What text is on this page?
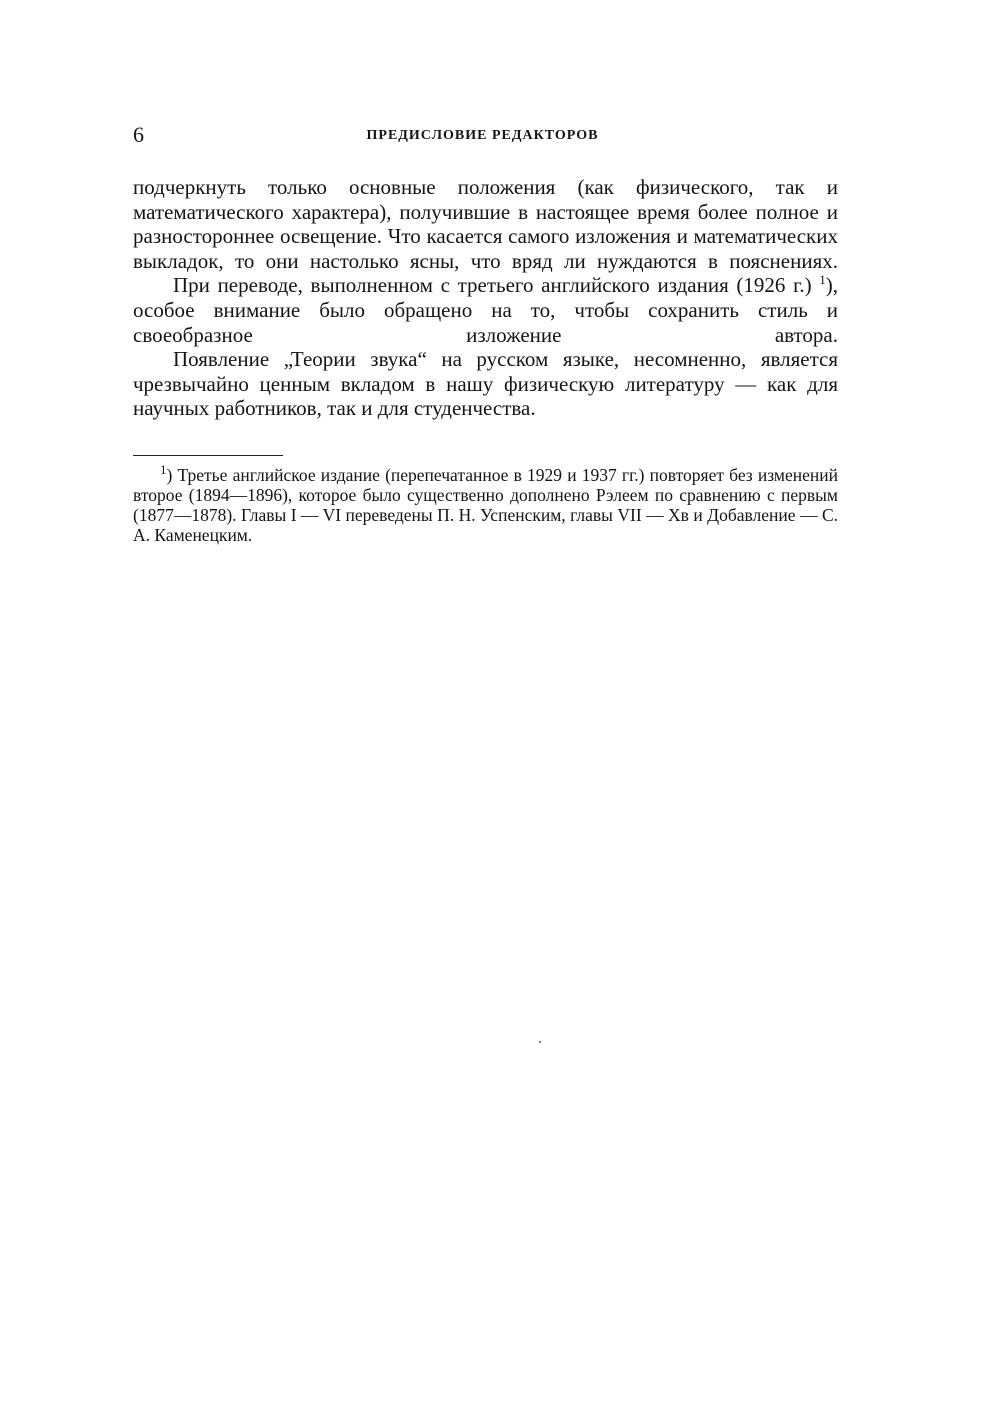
6	ПРЕДИСЛОВИЕ РЕДАКТОРОВ

подчеркнуть только основные положения (как физического, так и математического характера), получившие в настоящее время более полное и разностороннее освещение. Что касается самого изложения и математических выкладок, то они настолько ясны, что вряд ли нуждаются в пояснениях.

При переводе, выполненном с третьего английского издания (1926 г.) $^1$), особое внимание было обращено на то, чтобы сохранить стиль и своеобразное изложение автора.

Появление „Теории звука“ на русском языке, несомненно, является чрезвычайно ценным вкладом в нашу физическую литературу — как для научных работников, так и для студенчества.

$^1$) Третье английское издание (перепечатанное в 1929 и 1937 гг.) повторяет без изменений второе (1894—1896), которое было существенно дополнено Рэлеем по сравнению с первым (1877—1878). Главы I — VI переведены П. Н. Успенским, главы VII — Xв и Добавление — С. А. Каменецким.
